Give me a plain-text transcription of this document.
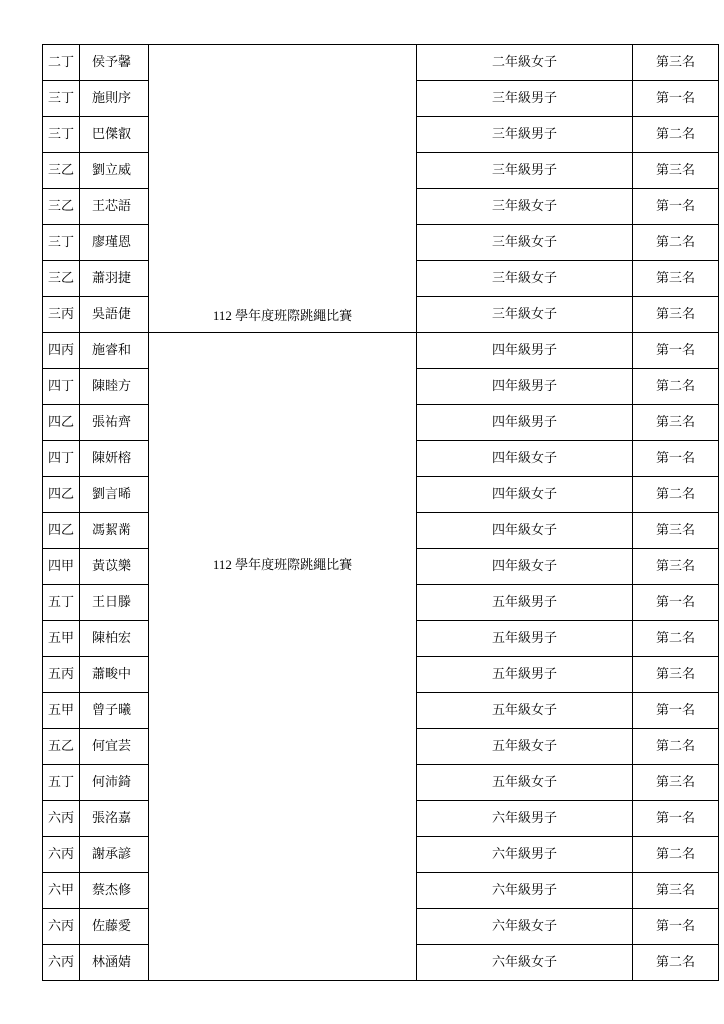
二丁	侯予馨	112 學年度班際跳繩比賽	二年級女子	第三名
三丁	施則序		三年級男子	第一名
三丁	巴傑叡		三年級男子	第二名
三乙	劉立威		三年級男子	第三名
三乙	王芯語		三年級女子	第一名
三丁	廖瑾恩		三年級女子	第二名
三乙	蕭羽捷		三年級女子	第三名
三丙	吳語倢		三年級女子	第三名
四丙	施睿和	112 學年度班際跳繩比賽	四年級男子	第一名
四丁	陳睦方		四年級男子	第二名
四乙	張祐齊		四年級男子	第三名
四丁	陳妍榕		四年級女子	第一名
四乙	劉言晞		四年級女子	第二名
四乙	馮絜黹		四年級女子	第三名
四甲	黃苡樂		四年級女子	第三名
五丁	王日滕		五年級男子	第一名
五甲	陳柏宏		五年級男子	第二名
五丙	蕭畯中		五年級男子	第三名
五甲	曾子曦		五年級女子	第一名
五乙	何宜芸		五年級女子	第二名
五丁	何沛錡		五年級女子	第三名
六丙	張洺嘉		六年級男子	第一名
六丙	謝承諺		六年級男子	第二名
六甲	蔡杰修		六年級男子	第三名
六丙	佐藤愛		六年級女子	第一名
六丙	林涵婧		六年級女子	第二名
